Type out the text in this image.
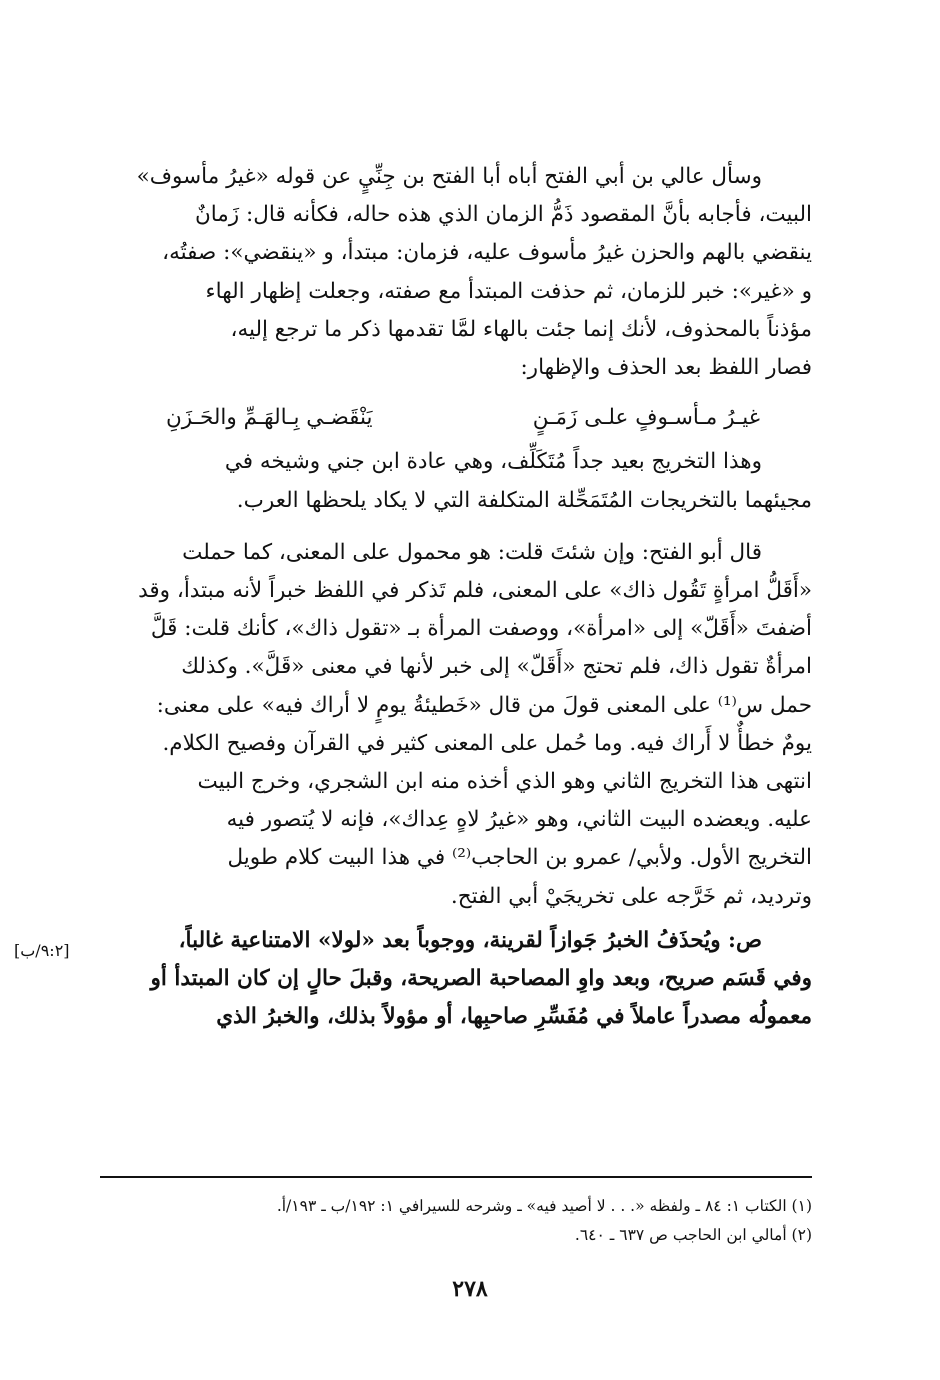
وسأل عالي بن أبي الفتح أباه أبا الفتح بن جِنِّيٍ عن قوله «غيرُ مأسوف»

البيت، فأجابه بأنَّ المقصود ذَمُّ الزمان الذي هذه حاله، فكأنه قال: زَمانٌ

ينقضي بالهم والحزن غيرُ مأسوف عليه، فزمان: مبتدأ، و «ينقضي»: صفتُه،

و «غير»: خبر للزمان، ثم حذفت المبتدأ مع صفته، وجعلت إظهار الهاء

مؤذناً بالمحذوف، لأنك إنما جئت بالهاء لمَّا تقدمها ذكر ما ترجع إليه،

فصار اللفظ بعد الحذف والإظهار:

غيـرُ مـأسـوفٍ علـى زَمَـنٍ
يَنْقَضـي بِـالهَـمِّ والحَـزَنِ

وهذا التخريج بعيد جداً مُتَكَلِّف، وهي عادة ابن جني وشيخه في

مجيئهما بالتخريجات المُتَمَحِّلة المتكلفة التي لا يكاد يلحظها العرب.

قال أبو الفتح: وإن شئتَ قلت: هو محمول على المعنى، كما حملت

«أَقَلُّ امرأةٍ تَقُول ذاك» على المعنى، فلم تَذكر في اللفظ خبراً لأنه مبتدأ، وقد

أضفتَ «أَقَلّ» إلى «امرأة»، ووصفت المرأة بـ «تقول ذاك»، كأنك قلت: قَلَّ

امرأةٌ تقول ذاك، فلم تحتج «أَقَلّ» إلى خبر لأنها في معنى «قَلَّ». وكذلك

حمل س⁽¹⁾ على المعنى قولَ من قال «خَطيئةُ يومٍ لا أراك فيه» على معنى:

يومٌ خطأٌ لا أَراك فيه. وما حُمل على المعنى كثير في القرآن وفصيح الكلام.

انتهى هذا التخريج الثاني وهو الذي أخذه منه ابن الشجري، وخرج البيت

عليه. ويعضده البيت الثاني، وهو «غيرُ لاهٍ عِداك»، فإنه لا يُتصور فيه

التخريج الأول. ولأبي/ عمرو بن الحاجب⁽²⁾ في هذا البيت كلام طويل

وترديد، ثم خَرَّجه على تخريجَيْ أبي الفتح.

ص: ويُحذَفُ الخبرُ جَوازاً لقرينة، ووجوباً بعد «لولا» الامتناعية غالباً،

وفي قَسَم صريح، وبعد واوِ المصاحبة الصريحة، وقبلَ حالٍ إن كان المبتدأ أو

معمولُه مصدراً عاملاً في مُفَسِّرِ صاحبِها، أو مؤولاً بذلك، والخبرُ الذي

[٩:٢/ب]

(١) الكتاب ١: ٨٤ ـ ولفظه «. . . لا أصيد فيه» ـ وشرحه للسيرافي ١: ١٩٢/ب ـ ١٩٣/أ.

(٢) أمالي ابن الحاجب ص ٦٣٧ ـ ٦٤٠.

٢٧٨
